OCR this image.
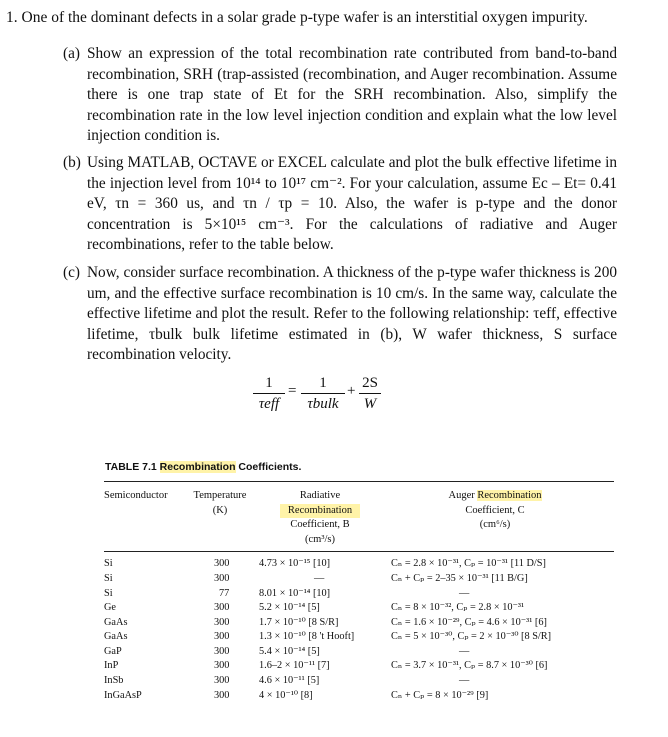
1. One of the dominant defects in a solar grade p-type wafer is an interstitial oxygen impurity.
(a) Show an expression of the total recombination rate contributed from band-to-band recombination, SRH (trap-assisted (recombination, and Auger recombination. Assume there is one trap state of Et for the SRH recombination. Also, simplify the recombination rate in the low level injection condition and explain what the low level injection condition is.
(b) Using MATLAB, OCTAVE or EXCEL calculate and plot the bulk effective lifetime in the injection level from 10¹⁴ to 10¹⁷ cm⁻². For your calculation, assume Ec – Et= 0.41 eV, τn = 360 us, and τn / τp = 10. Also, the wafer is p-type and the donor concentration is 5×10¹⁵ cm⁻³. For the calculations of radiative and Auger recombinations, refer to the table below.
(c) Now, consider surface recombination. A thickness of the p-type wafer thickness is 200 um, and the effective surface recombination is 10 cm/s. In the same way, calculate the effective lifetime and plot the result. Refer to the following relationship: τeff, effective lifetime, τbulk bulk lifetime estimated in (b), W wafer thickness, S surface recombination velocity.
1
τeff
=	1
τbulk
+ 2S
W
TABLE 7.1 Recombination Coefficients.
Semiconductor	Temperature
(K)
Radiative
Recombination
Coefficient, B
(cm³/s)
Auger Recombination
Coefficient, C
(cm⁶/s)
Si	300	4.73 × 10⁻¹⁵ [10]	Cₙ = 2.8 × 10⁻³¹, Cₚ = 10⁻³¹ [11 D/S]
Si	300	—	Cₙ + Cₚ = 2–35 × 10⁻³¹ [11 B/G]
Si	77	8.01 × 10⁻¹⁴ [10]	—
Ge	300	5.2 × 10⁻¹⁴ [5]	Cₙ = 8 × 10⁻³², Cₚ = 2.8 × 10⁻³¹
GaAs	300	1.7 × 10⁻¹⁰ [8 S/R]	Cₙ = 1.6 × 10⁻²⁹, Cₚ = 4.6 × 10⁻³¹ [6]
GaAs	300	1.3 × 10⁻¹⁰ [8 't Hooft]	Cₙ = 5 × 10⁻³⁰, Cₚ = 2 × 10⁻³⁰ [8 S/R]
GaP	300	5.4 × 10⁻¹⁴ [5]	—
InP	300	1.6–2 × 10⁻¹¹ [7]	Cₙ = 3.7 × 10⁻³¹, Cₚ = 8.7 × 10⁻³⁰ [6]
InSb	300	4.6 × 10⁻¹¹ [5]	—
InGaAsP	300	4 × 10⁻¹⁰ [8]	Cₙ + Cₚ = 8 × 10⁻²⁹ [9]
